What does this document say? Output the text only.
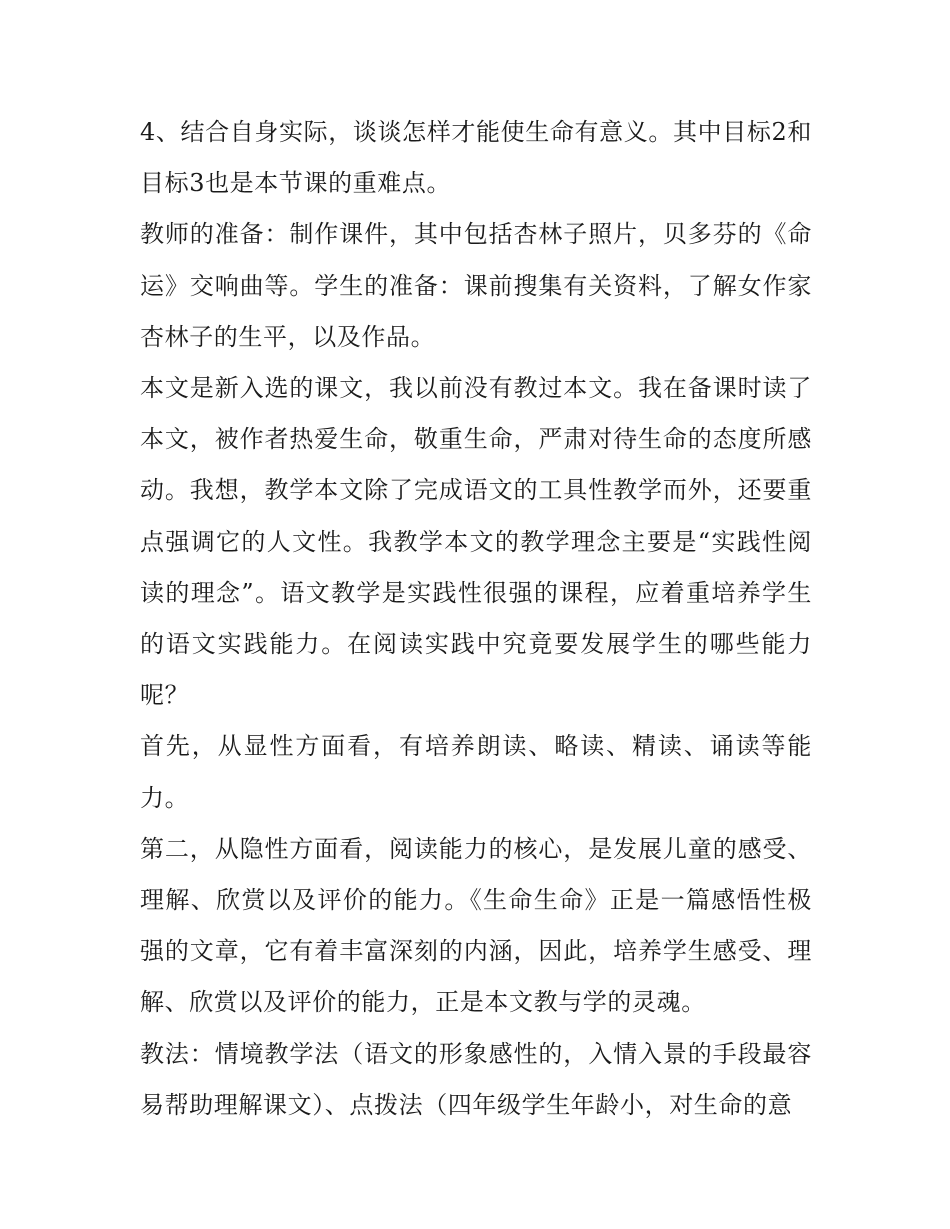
4、结合自身实际，谈谈怎样才能使生命有意义。其中目标2和目标3也是本节课的重难点。

教师的准备：制作课件，其中包括杏林子照片，贝多芬的《命运》交响曲等。学生的准备：课前搜集有关资料，了解女作家杏林子的生平，以及作品。

本文是新入选的课文，我以前没有教过本文。我在备课时读了本文，被作者热爱生命，敬重生命，严肃对待生命的态度所感动。我想，教学本文除了完成语文的工具性教学而外，还要重点强调它的人文性。我教学本文的教学理念主要是“实践性阅读的理念”。语文教学是实践性很强的课程，应着重培养学生的语文实践能力。在阅读实践中究竟要发展学生的哪些能力呢？

首先，从显性方面看，有培养朗读、略读、精读、诵读等能力。

第二，从隐性方面看，阅读能力的核心，是发展儿童的感受、理解、欣赏以及评价的能力。《生命生命》正是一篇感悟性极强的文章，它有着丰富深刻的内涵，因此，培养学生感受、理解、欣赏以及评价的能力，正是本文教与学的灵魂。

教法：情境教学法（语文的形象感性的，入情入景的手段最容易帮助理解课文）、点拨法（四年级学生年龄小，对生命的意
